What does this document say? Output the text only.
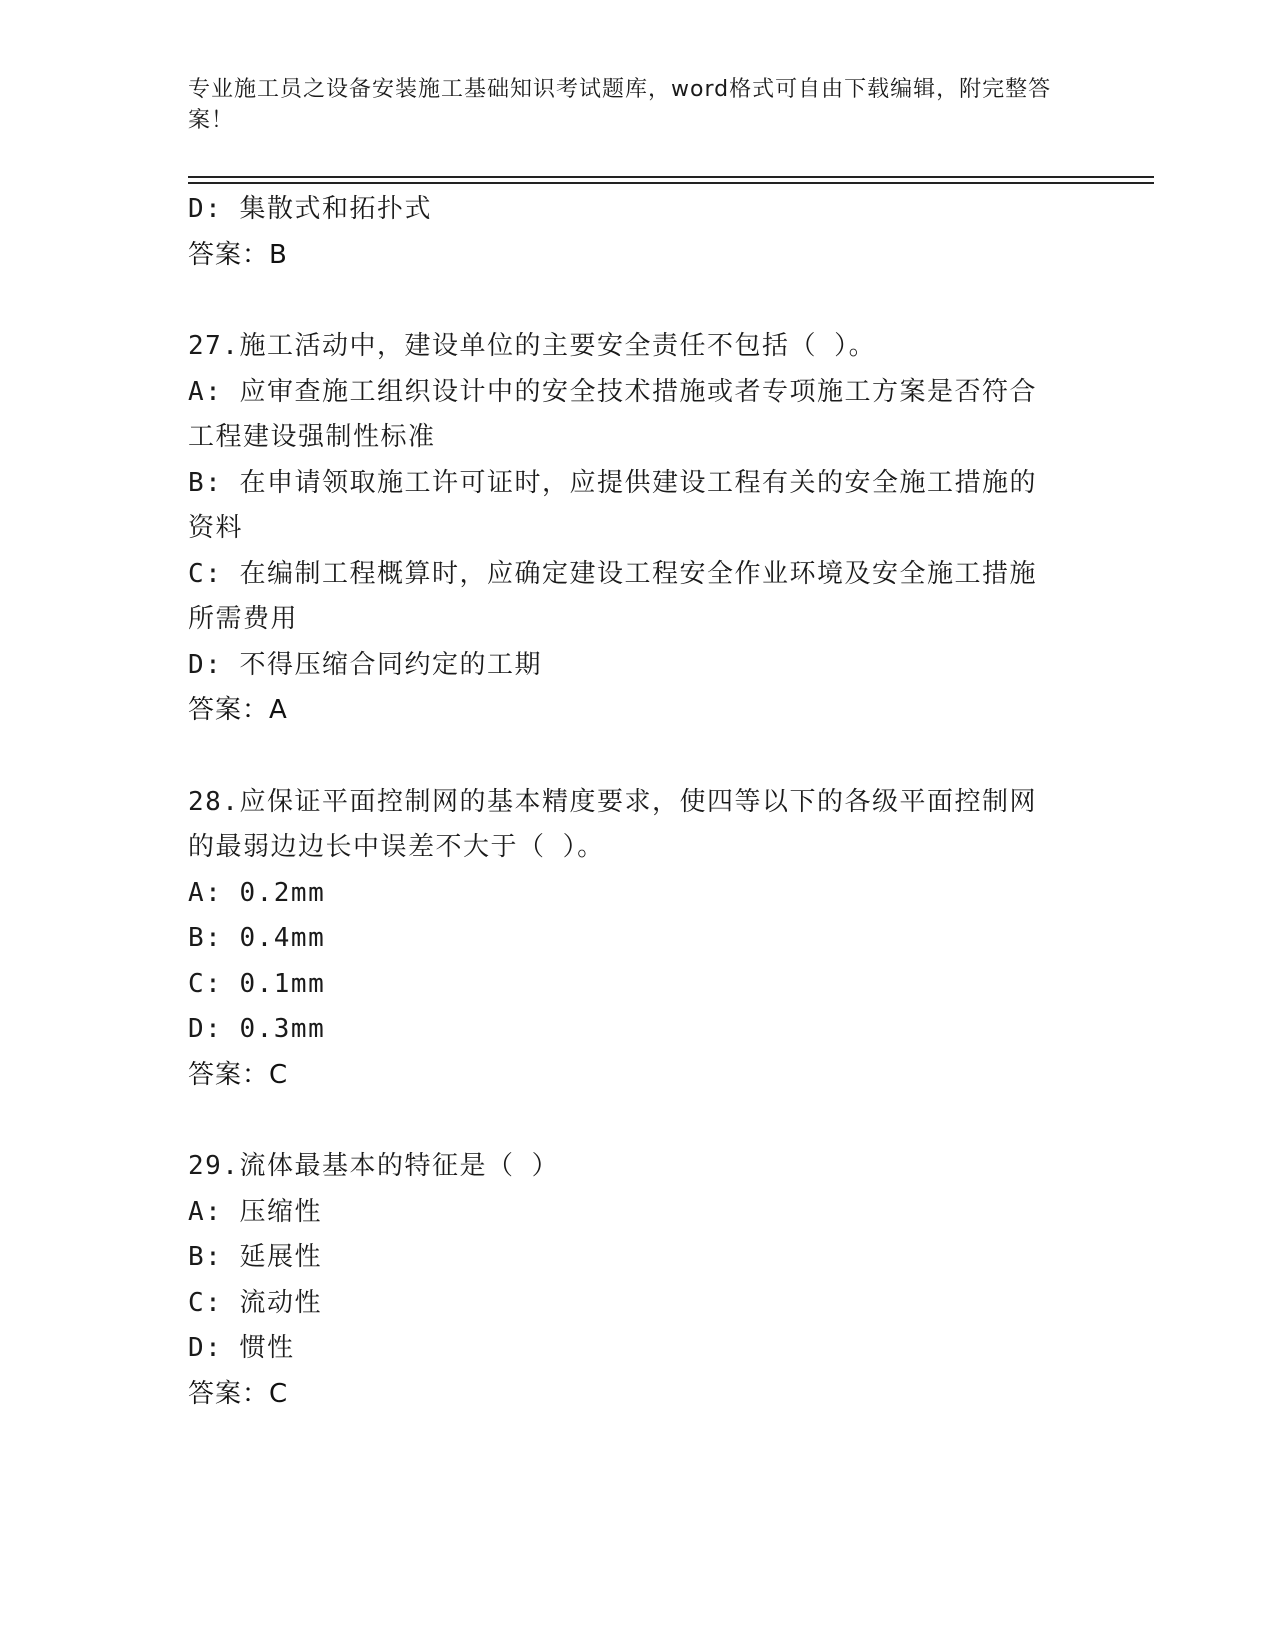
专业施工员之设备安装施工基础知识考试题库，word格式可自由下载编辑，附完整答案！
D: 集散式和拓扑式
答案：B
27.施工活动中，建设单位的主要安全责任不包括（ ）。
A: 应审查施工组织设计中的安全技术措施或者专项施工方案是否符合
工程建设强制性标准
B: 在申请领取施工许可证时，应提供建设工程有关的安全施工措施的
资料
C: 在编制工程概算时，应确定建设工程安全作业环境及安全施工措施
所需费用
D: 不得压缩合同约定的工期
答案：A
28.应保证平面控制网的基本精度要求，使四等以下的各级平面控制网
的最弱边边长中误差不大于（ ）。
A: 0.2mm
B: 0.4mm
C: 0.1mm
D: 0.3mm
答案：C
29.流体最基本的特征是（ ）
A: 压缩性
B: 延展性
C: 流动性
D: 惯性
答案：C
